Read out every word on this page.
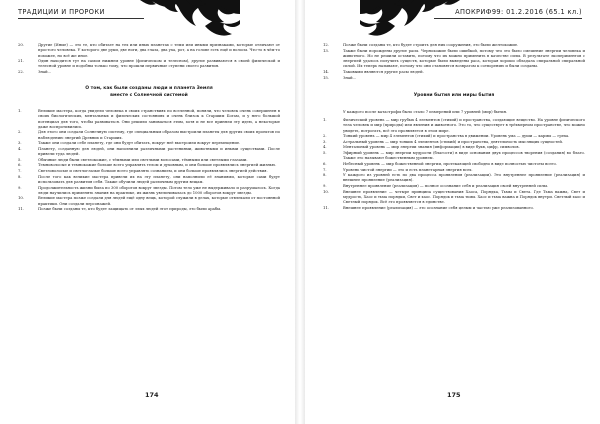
ТРАДИЦИИ И ПРОРОКИ
20.	Другие (Иные) — это те, кто обитает на тех или иных планетах с теми или иными признаками, которые отличают от простого человека. У которого две руки, две ноги, два глаза, два уха, рот, а на голове есть ещё и волосы. Что-то в чём-то похожее, но всё же иное.
21.	Один находится тут на самом нижнем уровне (физическом и телесном), другие развиваются в своей физической и телесной уровне и подобны только тому, что прошли первичные ступени своего развития.
22.	Знай...
О том, как были созданы люди и планета Земля
вместе с Солнечной системой
1.	Великие мастера, когда увидели человека в своих странствиях по вселенной, поняли, что человек очень совершенен в своих биологических, ментальных и физических состояниях и очень близок к Старшим Богам, и у него большой потенциал для того, чтобы развиваться. Они решили заниматься этим, хотя и не все приняли эту идею, а некоторые даже воспротивились.
2.	Для этого они создали Солнечную систему, где специальным образом выстроили планеты для других своих проектов по наблюдению энергий Древних и Старших.
3.	Также они создали себе планету, где они будут обитать, вокруг неё выстроили вокруг перемещение.
4.	Планету, созданную для людей, они наполнили различными растениями, животными и иными существами. После привели туда людей.
5.	Обычные люди были светлокожие, с тёмными или светлыми волосами, тёмными или светлыми глазами.
6.	Темноволосые и темнокожие больше всего управлять телом и духовным, и они больше проявлялись энергией жизнью.
7.	Светловолосые и светлоглазые больше всего управлять сознанием, и они больше проявлялись энергией действия.
8.	После того как великие мастера привели их на эту планету, они наполнили её знаниями, которые сами будут использовать для развития себя. Также обучили людей различным другим вещам.
9.	Продолжительность жизни была по 300 оборотов вокруг звезды. Потом тело уже не выдерживало и разрушалось. Когда люди научились применять знания на практике, их жизнь увеличивалась до 1000 оборотов вокруг звезды.
10.	Великие мастера позже создали для людей ещё одну вещь, которой служили в делах, которые отвлекали от постоянной практики. Они создали персонажей.
11.	Позже были созданы те, кто будет защищать от злых людей этот природы, это были арабы.
174
АПОКРИФ99: 01.2.2016 (65.1 кл.)
12.	Позже были созданы те, кто будет строить для них сооружения, это были желтокожие.
13.	Также были порождены другие расы. Чернокожие были ошибкой, потому что это было смешение энергии человека и животного. Но не решили оставить, потому что их можно применить в качестве силы. В результате экспериментов с энергией удалось получить существ, которые были выведены раса, которая хорошо обладала спиральной спиральной силой. Их теперь называют, потому что они становятся возвратом к сотворению и были созданы.
14.	Таковыми являются другие расы людей.
15.	Знай...
Уровни бытия или миры бытия
У каждого после катастрофы было стало 7 измерений или 7 уровней (мир) бытия.
1.	Физический уровень — мир грубых 4 элементов (стихий) и пространства, создающие вещество. На уровне физического тела человек и мир (природы) или явления и животного. Это то, что существует в трёхмерном пространстве, что можно увидеть, потрогать, всё это проявляется в этом мире.
2.	Тонкий уровень — мир 4 элементов (стихий) и пространства в движении. Уровень ума — души — кармы — греха.
3.	Астральный уровень — мир тонких 4 элементов (стихий) и пространства, деятельность мыслящих сущностей.
4.	Ментальный уровень — мир энергии знания (информации) в виде букв, цифр, символов.
5.	Эфирный уровень — мир энергии мудрости (благости) в виде основания двух процессов творения (создания) во благо. Также это называют божественным уровнем.
6.	Небесный уровень — мир божественной энергии, протекающей свободно в виде полностью чистоты всего.
7.	Уровень чистой энергии — это и есть планетарная энергия всех.
8.	У каждого из уровней есть по два процесса проявления (реализации). Это внутреннее проявление (реализация) и внешнее проявление (реализация).
9.	Внутреннее проявление (реализация) — полное осознание себя и реализация своей внутренней силы.
10.	Внешнее проявление — четыре принципа существования Хаоса, Порядка, Тьмы и Света. Где Тьма важна, Свет и мудрость, Хаос и тьма порядки, Свет и хаос. Порядок и тьма тьмы. Хаос и тьма важна и Порядок внутри. Светлый хаос и Светлый порядок. Всё это проявляется в единстве.
11.	Внешнее проявление (реализация) — это осознание себя целым и частью уже реализованного.
175
